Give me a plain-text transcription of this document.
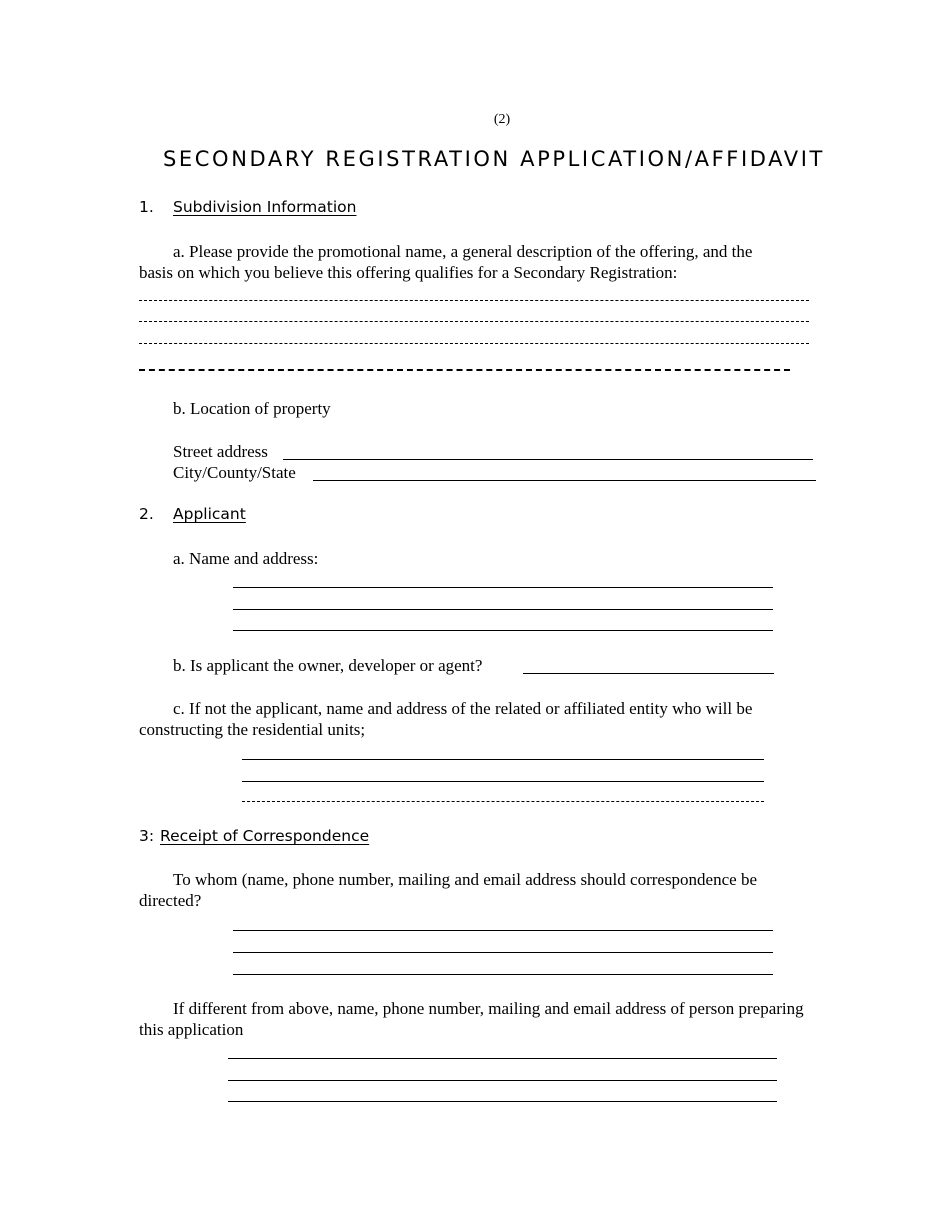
(2)
SECONDARY REGISTRATION APPLICATION/AFFIDAVIT
1. Subdivision Information
a. Please provide the promotional name, a general description of the offering, and the
basis on which you believe this offering qualifies for a Secondary Registration:
b. Location of property
Street address
City/County/State
2. Applicant
a. Name and address:
b. Is applicant the owner, developer or agent?
c. If not the applicant, name and address of the related or affiliated entity who will be
constructing the residential units;
3: Receipt of Correspondence
To whom (name, phone number, mailing and email address should correspondence be
directed?
If different from above, name, phone number, mailing and email address of person preparing
this application
